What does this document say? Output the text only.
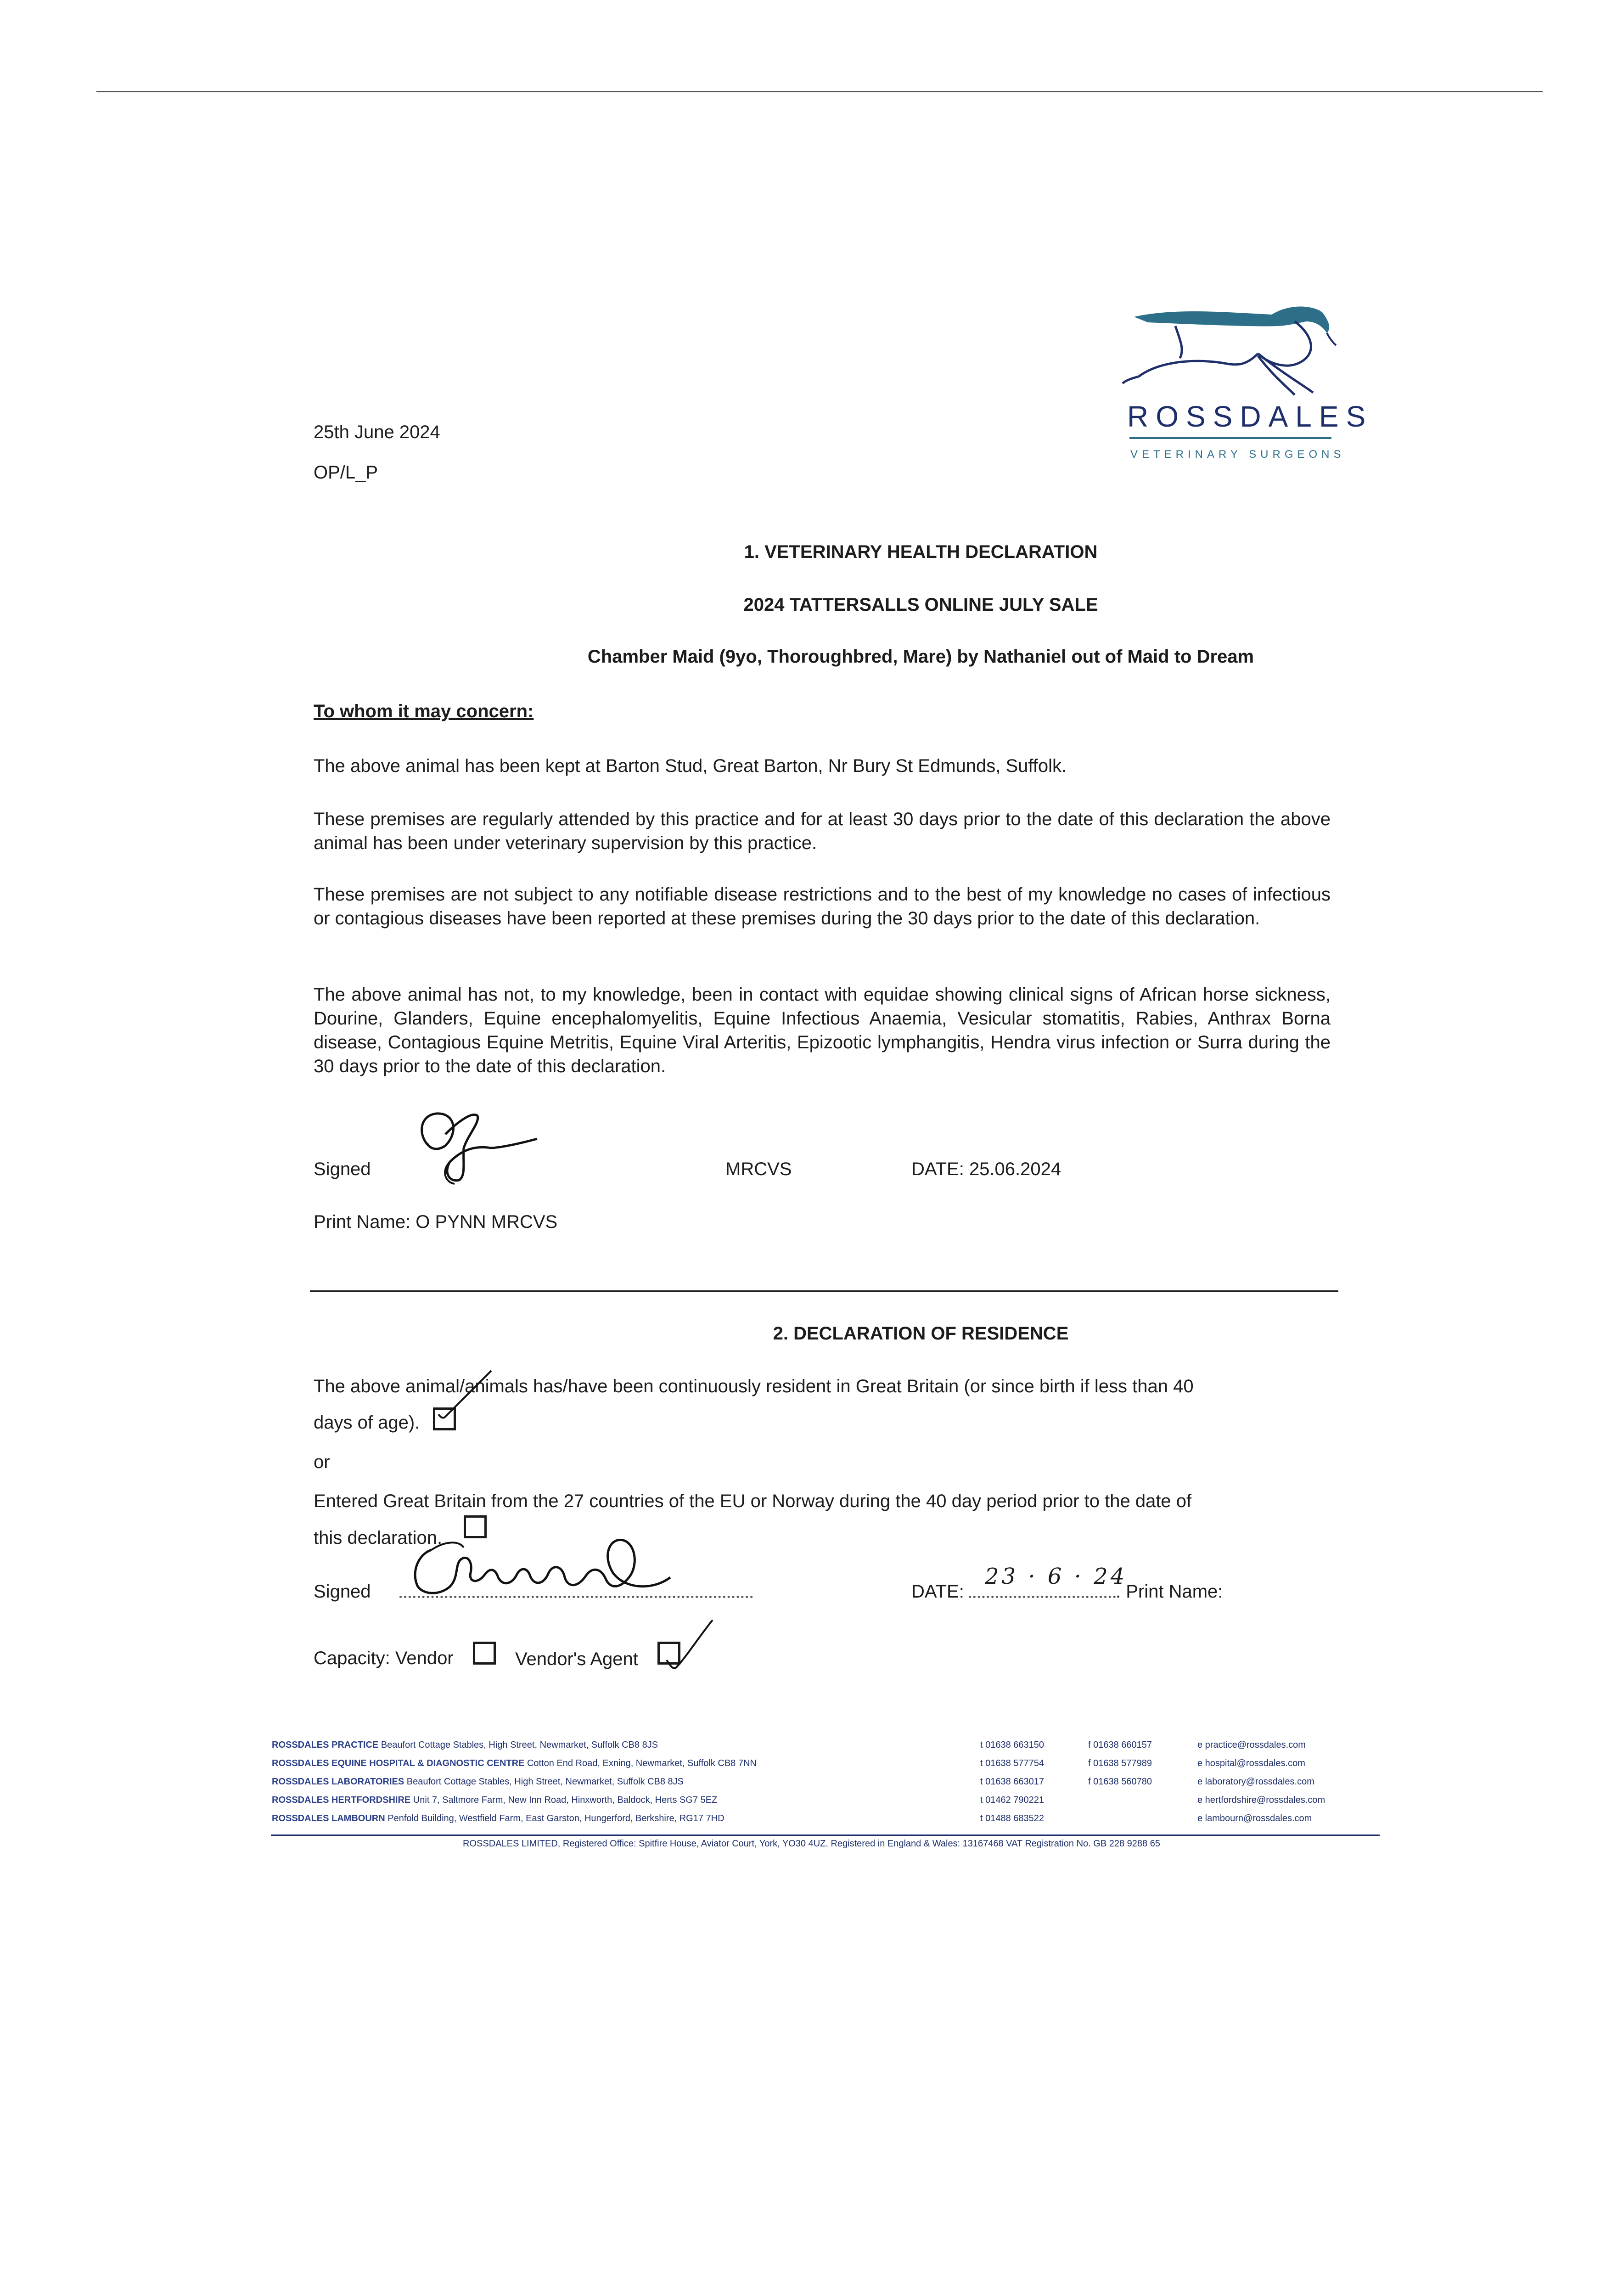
ROSSDALES
VETERINARY SURGEONS
25th June 2024
OP/L_P
1. VETERINARY HEALTH DECLARATION
2024 TATTERSALLS ONLINE JULY SALE
Chamber Maid (9yo, Thoroughbred, Mare) by Nathaniel out of Maid to Dream
To whom it may concern:
The above animal has been kept at Barton Stud, Great Barton, Nr Bury St Edmunds, Suffolk.
These premises are regularly attended by this practice and for at least 30 days prior to the date of this declaration the above animal has been under veterinary supervision by this practice.
These premises are not subject to any notifiable disease restrictions and to the best of my knowledge no cases of infectious or contagious diseases have been reported at these premises during the 30 days prior to the date of this declaration.
The above animal has not, to my knowledge, been in contact with equidae showing clinical signs of African horse sickness, Dourine, Glanders, Equine encephalomyelitis, Equine Infectious Anaemia, Vesicular stomatitis, Rabies, Anthrax Borna disease, Contagious Equine Metritis, Equine Viral Arteritis, Epizootic lymphangitis, Hendra virus infection or Surra during the 30 days prior to the date of this declaration.
Signed	MRCVS	DATE: 25.06.2024
Print Name: O PYNN MRCVS
2. DECLARATION OF RESIDENCE
The above animal/animals has/have been continuously resident in Great Britain (or since birth if less than 40
days of age).
or
Entered Great Britain from the 27 countries of the EU or Norway during the 40 day period prior to the date of
this declaration.
Signed	DATE:
23 · 6 · 24
. Print Name:
Capacity: Vendor	Vendor's Agent
ROSSDALES PRACTICE Beaufort Cottage Stables, High Street, Newmarket, Suffolk CB8 8JS	t 01638 663150	f 01638 660157	e practice@rossdales.com
ROSSDALES EQUINE HOSPITAL & DIAGNOSTIC CENTRE Cotton End Road, Exning, Newmarket, Suffolk CB8 7NN	t 01638 577754	f 01638 577989	e hospital@rossdales.com
ROSSDALES LABORATORIES Beaufort Cottage Stables, High Street, Newmarket, Suffolk CB8 8JS	t 01638 663017	f 01638 560780	e laboratory@rossdales.com
ROSSDALES HERTFORDSHIRE Unit 7, Saltmore Farm, New Inn Road, Hinxworth, Baldock, Herts SG7 5EZ	t 01462 790221	e hertfordshire@rossdales.com
ROSSDALES LAMBOURN Penfold Building, Westfield Farm, East Garston, Hungerford, Berkshire, RG17 7HD	t 01488 683522	e lambourn@rossdales.com
ROSSDALES LIMITED, Registered Office: Spitfire House, Aviator Court, York, YO30 4UZ. Registered in England & Wales: 13167468 VAT Registration No. GB 228 9288 65
